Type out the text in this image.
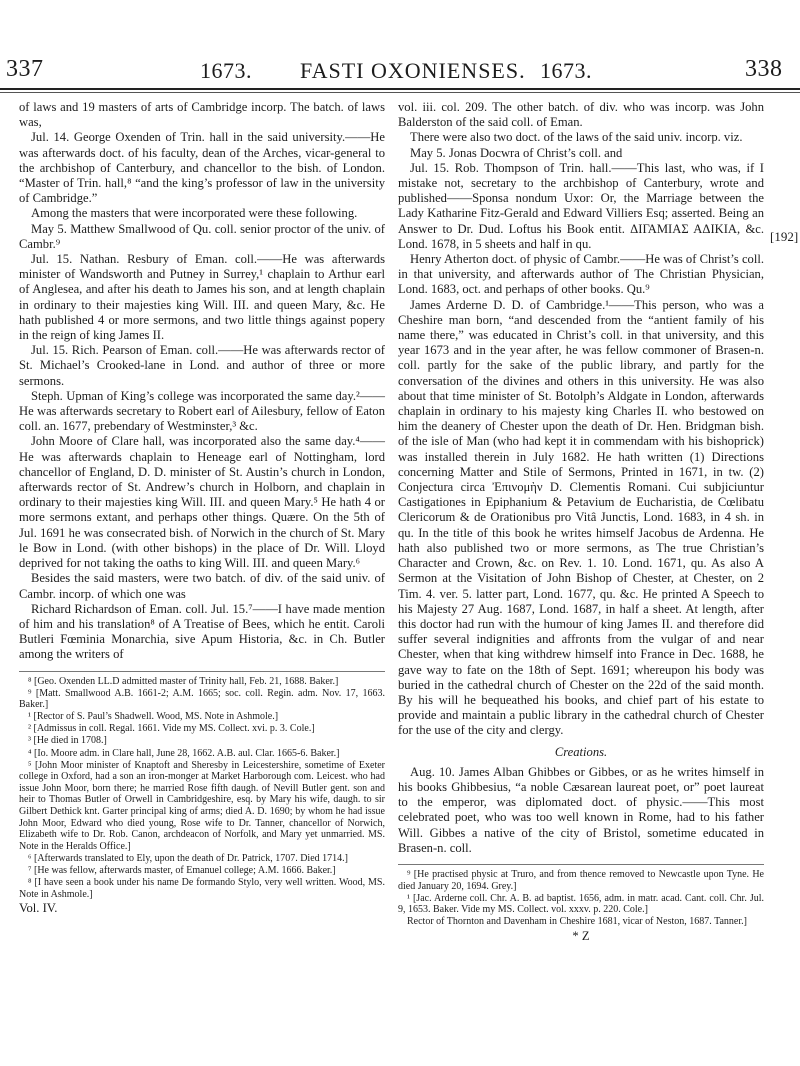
337	1673. FASTI OXONIENSES. 1673.	338
[192]

of laws and 19 masters of arts of Cambridge incorp. The batch. of laws was,

Jul. 14. George Oxenden of Trin. hall in the said university.——He was afterwards doct. of his faculty, dean of the Arches, vicar-general to the archbishop of Canterbury, and chancellor to the bish. of London. “Master of Trin. hall,⁸ “and the king’s professor of law in the university of Cambridge.”

Among the masters that were incorporated were these following.

May 5. Matthew Smallwood of Qu. coll. senior proctor of the univ. of Cambr.⁹

Jul. 15. Nathan. Resbury of Eman. coll.——He was afterwards minister of Wandsworth and Putney in Surrey,¹ chaplain to Arthur earl of Anglesea, and after his death to James his son, and at length chaplain in ordinary to their majesties king Will. III. and queen Mary, &c. He hath published 4 or more sermons, and two little things against popery in the reign of king James II.

Jul. 15. Rich. Pearson of Eman. coll.——He was afterwards rector of St. Michael’s Crooked-lane in Lond. and author of three or more sermons.

Steph. Upman of King’s college was incorporated the same day.²——He was afterwards secretary to Robert earl of Ailesbury, fellow of Eaton coll. an. 1677, prebendary of Westminster,³ &c.

John Moore of Clare hall, was incorporated also the same day.⁴——He was afterwards chaplain to Heneage earl of Nottingham, lord chancellor of England, D. D. minister of St. Austin’s church in London, afterwards rector of St. Andrew’s church in Holborn, and chaplain in ordinary to their majesties king Will. III. and queen Mary.⁵ He hath 4 or more sermons extant, and perhaps other things. Quære. On the 5th of Jul. 1691 he was consecrated bish. of Norwich in the church of St. Mary le Bow in Lond. (with other bishops) in the place of Dr. Will. Lloyd deprived for not taking the oaths to king Will. III. and queen Mary.⁶

Besides the said masters, were two batch. of div. of the said univ. of Cambr. incorp. of which one was

Richard Richardson of Eman. coll. Jul. 15.⁷——I have made mention of him and his translation⁸ of A Treatise of Bees, which he entit. Caroli Butleri Fœminia Monarchia, sive Apum Historia, &c. in Ch. Butler among the writers of

⁸ [Geo. Oxenden LL.D admitted master of Trinity hall, Feb. 21, 1688. Baker.]

⁹ [Matt. Smallwood A.B. 1661-2; A.M. 1665; soc. coll. Regin. adm. Nov. 17, 1663. Baker.]

¹ [Rector of S. Paul’s Shadwell. Wood, MS. Note in Ashmole.]

² [Admissus in coll. Regal. 1661. Vide my MS. Collect. xvi. p. 3. Cole.]

³ [He died in 1708.]

⁴ [Io. Moore adm. in Clare hall, June 28, 1662. A.B. aul. Clar. 1665-6. Baker.]

⁵ [John Moor minister of Knaptoft and Sheresby in Leicestershire, sometime of Exeter college in Oxford, had a son an iron-monger at Market Harborough com. Leicest. who had issue John Moor, born there; he married Rose fifth daugh. of Nevill Butler gent. son and heir to Thomas Butler of Orwell in Cambridgeshire, esq. by Mary his wife, daugh. to sir Gilbert Dethick knt. Garter principal king of arms; died A. D. 1690; by whom he had issue John Moor, Edward who died young, Rose wife to Dr. Tanner, chancellor of Norwich, Elizabeth wife to Dr. Rob. Canon, archdeacon of Norfolk, and Mary yet unmarried. MS. Note in the Heralds Office.]

⁶ [Afterwards translated to Ely, upon the death of Dr. Patrick, 1707. Died 1714.]

⁷ [He was fellow, afterwards master, of Emanuel college; A.M. 1666. Baker.]

⁸ [I have seen a book under his name De formando Stylo, very well written. Wood, MS. Note in Ashmole.]

Vol. IV.

vol. iii. col. 209. The other batch. of div. who was incorp. was John Balderston of the said coll. of Eman.

There were also two doct. of the laws of the said univ. incorp. viz.

May 5. Jonas Docwra of Christ’s coll. and

Jul. 15. Rob. Thompson of Trin. hall.——This last, who was, if I mistake not, secretary to the archbishop of Canterbury, wrote and published——Sponsa nondum Uxor: Or, the Marriage between the Lady Katharine Fitz-Gerald and Edward Villiers Esq; asserted. Being an Answer to Dr. Dud. Loftus his Book entit. ΔΙΓΑΜΙΑΣ ΑΔΙΚΙΑ, &c. Lond. 1678, in 5 sheets and half in qu.

Henry Atherton doct. of physic of Cambr.——He was of Christ’s coll. in that university, and afterwards author of The Christian Physician, Lond. 1683, oct. and perhaps of other books. Qu.⁹

James Arderne D. D. of Cambridge.¹——This person, who was a Cheshire man born, “and descended from the “antient family of his name there,” was educated in Christ’s coll. in that university, and this year 1673 and in the year after, he was fellow commoner of Brasen-n. coll. partly for the sake of the public library, and partly for the conversation of the divines and others in this university. He was also about that time minister of St. Botolph’s Aldgate in London, afterwards chaplain in ordinary to his majesty king Charles II. who bestowed on him the deanery of Chester upon the death of Dr. Hen. Bridgman bish. of the isle of Man (who had kept it in commendam with his bishoprick) was installed therein in July 1682. He hath written (1) Directions concerning Matter and Stile of Sermons, Printed in 1671, in tw. (2) Conjectura circa Ἐπινομὴν D. Clementis Romani. Cui subjiciuntur Castigationes in Epiphanium & Petavium de Eucharistia, de Cœlibatu Clericorum & de Orationibus pro Vitâ Junctis, Lond. 1683, in 4 sh. in qu. In the title of this book he writes himself Jacobus de Ardenna. He hath also published two or more sermons, as The true Christian’s Character and Crown, &c. on Rev. 1. 10. Lond. 1671, qu. As also A Sermon at the Visitation of John Bishop of Chester, at Chester, on 2 Tim. 4. ver. 5. latter part, Lond. 1677, qu. &c. He printed A Speech to his Majesty 27 Aug. 1687, Lond. 1687, in half a sheet. At length, after this doctor had run with the humour of king James II. and therefore did suffer several indignities and affronts from the vulgar of and near Chester, when that king withdrew himself into France in Dec. 1688, he gave way to fate on the 18th of Sept. 1691; whereupon his body was buried in the cathedral church of Chester on the 22d of the said month. By his will he bequeathed his books, and chief part of his estate to provide and maintain a public library in the cathedral church of Chester for the use of the city and clergy.

Creations.

Aug. 10. James Alban Ghibbes or Gibbes, or as he writes himself in his books Ghibbesius, “a noble Cæsarean laureat poet, or” poet laureat to the emperor, was diplomated doct. of physic.——This most celebrated poet, who was too well known in Rome, had to his father Will. Gibbes a native of the city of Bristol, sometime educated in Brasen-n. coll.

⁹ [He practised physic at Truro, and from thence removed to Newcastle upon Tyne. He died January 20, 1694. Grey.]

¹ [Jac. Arderne coll. Chr. A. B. ad baptist. 1656, adm. in matr. acad. Cant. coll. Chr. Jul. 9, 1653. Baker. Vide my MS. Collect. vol. xxxv. p. 220. Cole.]

Rector of Thornton and Davenham in Cheshire 1681, vicar of Neston, 1687. Tanner.]

* Z
